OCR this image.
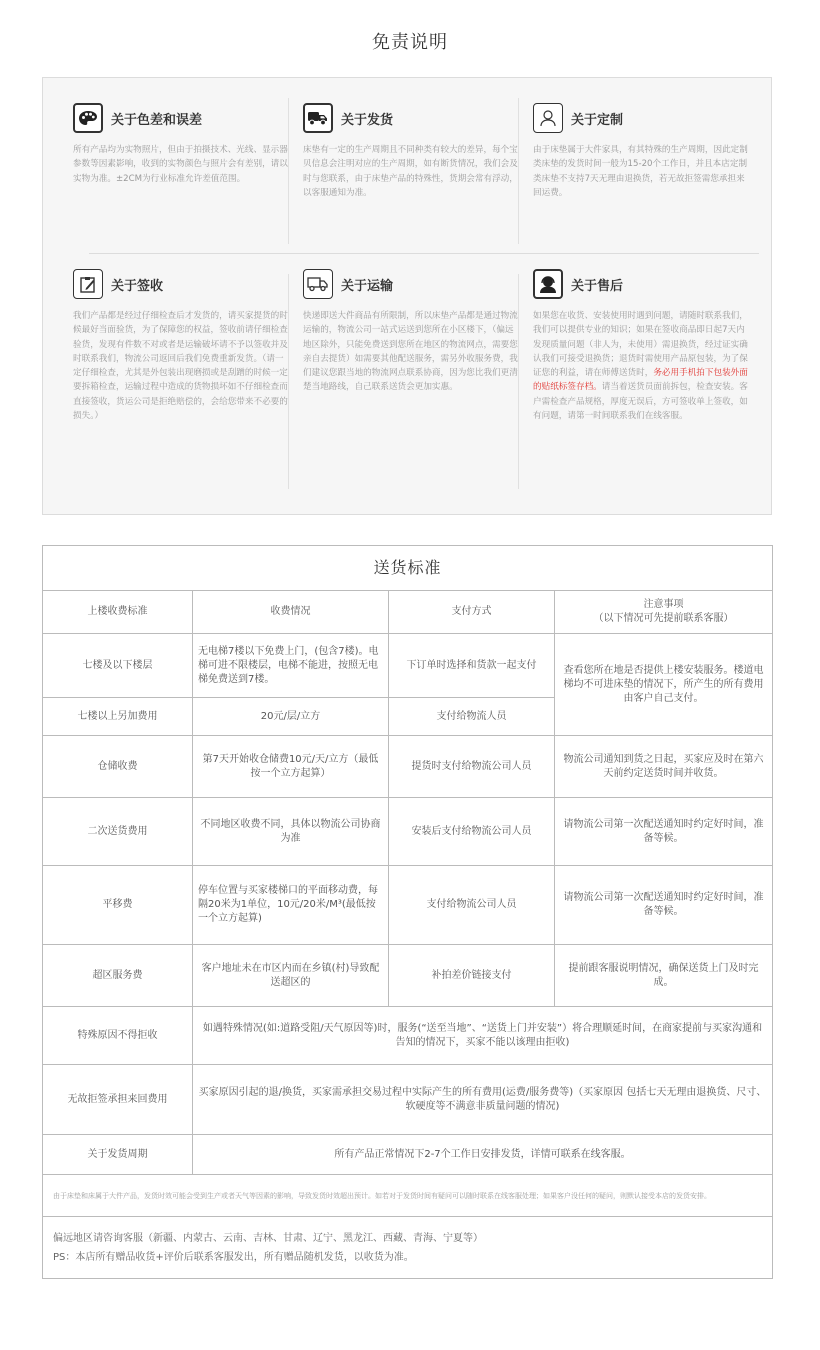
免责说明
关于色差和误差
所有产品均为实物照片，但由于拍摄技术、光线、显示器参数等因素影响，收到的实物颜色与照片会有差别，请以实物为准。±2CM为行业标准允许差值范围。
关于发货
床垫有一定的生产周期且不同种类有较大的差异，每个宝贝信息会注明对应的生产周期，如有断货情况，我们会及时与您联系，由于床垫产品的特殊性，货期会常有浮动，以客服通知为准。
关于定制
由于床垫属于大件家具，有其特殊的生产周期，因此定制类床垫的发货时间一般为15-20个工作日，并且本店定制类床垫不支持7天无理由退换货，若无故拒签需您承担来回运费。
关于签收
我们产品都是经过仔细检查后才发货的，请买家提货的时候最好当面验货，为了保障您的权益，签收前请仔细检查验货，发现有件数不对或者是运输破坏请不予以签收并及时联系我们，物流公司返回后我们免费重新发货。（请一定仔细检查，尤其是外包装出现磨损或是刮蹭的时候一定要拆箱检查，运输过程中造成的货物损坏如不仔细检查而直接签收，货运公司是拒绝赔偿的，会给您带来不必要的损失。）
关于运输
快递即送大件商品有所限制，所以床垫产品都是通过物流运输的，物流公司一站式运送到您所在小区楼下，（偏远地区除外，只能免费送到您所在地区的物流网点，需要您亲自去提货）如需要其他配送服务，需另外收服务费，我们建议您跟当地的物流网点联系协商，因为您比我们更清楚当地路线，自己联系送货会更加实惠。
关于售后
如果您在收货、安装使用时遇到问题，请随时联系我们，我们可以提供专业的知识；如果在签收商品即日起7天内发现质量问题（非人为，未使用）需退换货，经过证实确认我们可接受退换货；退货时需使用产品原包装，为了保证您的利益，请在师傅送货时，务必用手机拍下包装外面的贴纸标签存档。请当着送货员面前拆包，检查安装。客户需检查产品规格，厚度无误后，方可签收单上签收，如有问题，请第一时间联系我们在线客服。
送货标准			
上楼收费标准	收费情况	支付方式	注意事项
（以下情况可先提前联系客服）

七楼及以下楼层	无电梯7楼以下免费上门，(包含7楼)。电梯可进不限楼层，电梯不能进，按照无电梯免费送到7楼。	下订单时选择和货款一起支付	查看您所在地是否提供上楼安装服务。楼道电梯均不可进床垫的情况下，所产生的所有费用由客户自己支付。
七楼以上另加费用	20元/层/立方	支付给物流人员	
仓储收费	第7天开始收仓储费10元/天/立方（最低按一个立方起算）	提货时支付给物流公司人员	物流公司通知到货之日起，买家应及时在第六天前约定送货时间并收货。
二次送货费用	不同地区收费不同，具体以物流公司协商为准	安装后支付给物流公司人员	请物流公司第一次配送通知时约定好时间，准备等候。
平移费	停车位置与买家楼梯口的平面移动费，每隔20米为1单位，10元/20米/M³(最低按一个立方起算)	支付给物流公司人员	请物流公司第一次配送通知时约定好时间，准备等候。
超区服务费	客户地址未在市区内而在乡镇(村)导致配送超区的	补拍差价链接支付	提前跟客服说明情况，确保送货上门及时完成。
特殊原因不得拒收	如遇特殊情况(如:道路受阻/天气原因等)时，服务(“送至当地”、“送货上门并安装”）将合理顺延时间，在商家提前与买家沟通和告知的情况下，买家不能以该理由拒收)		
无故拒签承担来回费用	买家原因引起的退/换货，买家需承担交易过程中实际产生的所有费用(运费/服务费等)（买家原因 包括七天无理由退换货、尺寸、软硬度等不满意非质量问题的情况)		
关于发货周期	所有产品正常情况下2-7个工作日安排发货，详情可联系在线客服。		
由于床垫和床属于大件产品，发货时效可能会受到生产或者天气等因素的影响，导致发货时效超出预计。如若对于发货时间有疑问可以随时联系在线客服处理；如果客户没任何的疑问，则默认接受本店的发货安排。			

偏远地区请咨询客服（新疆、内蒙古、云南、吉林、甘肃、辽宁、黑龙江、西藏、青海、宁夏等）
PS：本店所有赠品收货+评价后联系客服发出，所有赠品随机发货，以收货为准。			
